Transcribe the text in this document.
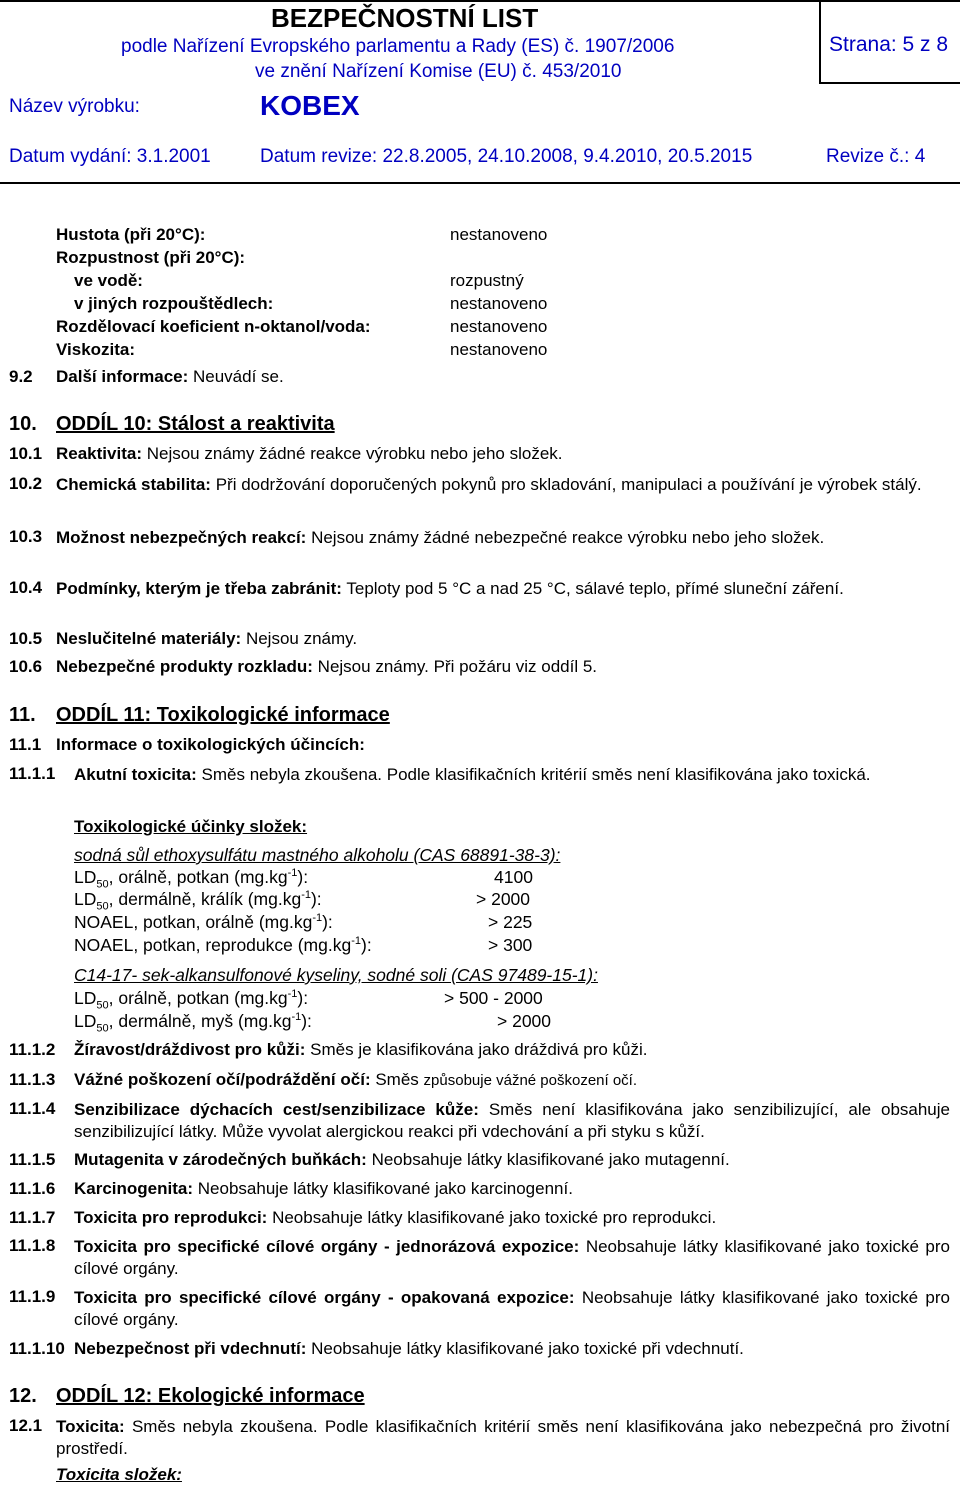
BEZPEČNOSTNÍ LIST
podle Nařízení Evropského parlamentu a Rady (ES) č. 1907/2006
ve znění Nařízení Komise (EU) č. 453/2010
Strana: 5 z 8
Název výrobku:	KOBEX
Datum vydání: 3.1.2001	Datum revize: 22.8.2005, 24.10.2008, 9.4.2010, 20.5.2015	Revize č.: 4
Hustota (při 20°C):	nestanoveno
Rozpustnost (při 20°C):
ve vodě:	rozpustný
v jiných rozpouštědlech:	nestanoveno
Rozdělovací koeficient n-oktanol/voda:	nestanoveno
Viskozita:	nestanoveno
9.2 Další informace: Neuvádí se.
10. ODDÍL 10: Stálost a reaktivita
10.1 Reaktivita: Nejsou známy žádné reakce výrobku nebo jeho složek.
10.2 Chemická stabilita: Při dodržování doporučených pokynů pro skladování, manipulaci a používání je výrobek stálý.
10.3 Možnost nebezpečných reakcí: Nejsou známy žádné nebezpečné reakce výrobku nebo jeho složek.
10.4 Podmínky, kterým je třeba zabránit: Teploty pod 5 °C a nad 25 °C, sálavé teplo, přímé sluneční záření.
10.5 Neslučitelné materiály: Nejsou známy.
10.6 Nebezpečné produkty rozkladu: Nejsou známy. Při požáru viz oddíl 5.
11. ODDÍL 11: Toxikologické informace
11.1 Informace o toxikologických účincích:
11.1.1 Akutní toxicita: Směs nebyla zkoušena. Podle klasifikačních kritérií směs není klasifikována jako toxická.
Toxikologické účinky složek:
sodná sůl ethoxysulfátu mastného alkoholu (CAS 68891-38-3):
$LD_{50}$, orálně, potkan $(mg.kg^{-1})$:	4100
$LD_{50}$, dermálně, králík $(mg.kg^{-1})$:	> 2000
NOAEL, potkan, orálně $(mg.kg^{-1})$:	> 225
NOAEL, potkan, reprodukce $(mg.kg^{-1})$:	> 300
C14-17- sek-alkansulfonové kyseliny, sodné soli (CAS 97489-15-1):
$LD_{50}$, orálně, potkan $(mg.kg^{-1})$:	> 500 - 2000
$LD_{50}$, dermálně, myš $(mg.kg^{-1})$:	> 2000
11.1.2 Žíravost/dráždivost pro kůži: Směs je klasifikována jako dráždivá pro kůži.
11.1.3 Vážné poškození očí/podráždění očí: Směs způsobuje vážné poškození očí.
11.1.4 Senzibilizace dýchacích cest/senzibilizace kůže: Směs není klasifikována jako senzibilizující, ale obsahuje senzibilizující látky. Může vyvolat alergickou reakci při vdechování a při styku s kůží.
11.1.5 Mutagenita v zárodečných buňkách: Neobsahuje látky klasifikované jako mutagenní.
11.1.6 Karcinogenita: Neobsahuje látky klasifikované jako karcinogenní.
11.1.7 Toxicita pro reprodukci: Neobsahuje látky klasifikované jako toxické pro reprodukci.
11.1.8 Toxicita pro specifické cílové orgány - jednorázová expozice: Neobsahuje látky klasifikované jako toxické pro cílové orgány.
11.1.9 Toxicita pro specifické cílové orgány - opakovaná expozice: Neobsahuje látky klasifikované jako toxické pro cílové orgány.
11.1.10 Nebezpečnost při vdechnutí: Neobsahuje látky klasifikované jako toxické při vdechnutí.
12. ODDÍL 12: Ekologické informace
12.1 Toxicita: Směs nebyla zkoušena. Podle klasifikačních kritérií směs není klasifikována jako nebezpečná pro životní prostředí.
Toxicita složek:
